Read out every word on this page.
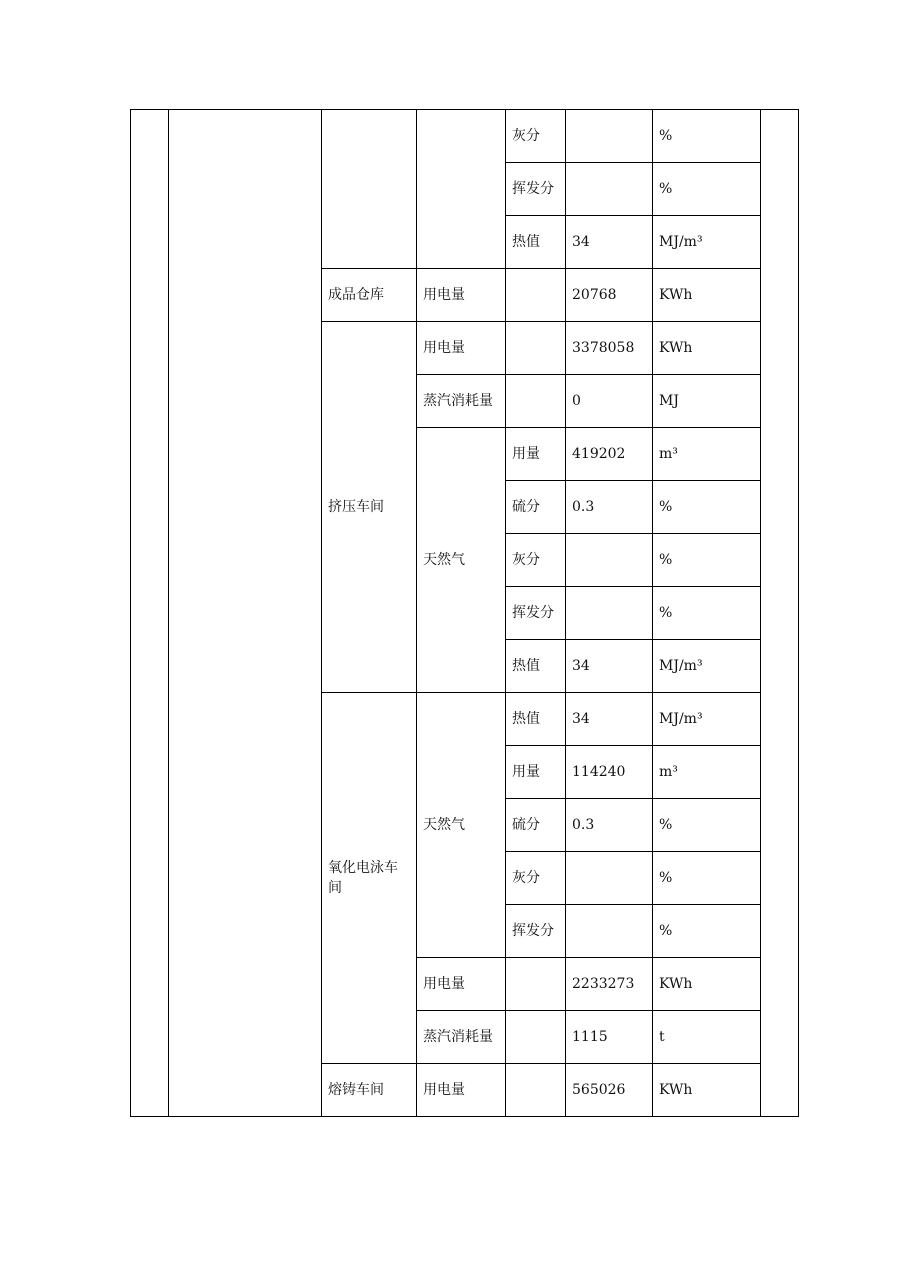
				灰分		%	
				挥发分		%	
				热值	34	MJ/m³	
		成品仓库	用电量		20768	KWh	
		挤压车间	用电量		3378058	KWh	
			蒸汽消耗量		0	MJ	
			天然气	用量	419202	m³	
				硫分	0.3	%	
				灰分		%	
				挥发分		%	
				热值	34	MJ/m³	
		氧化电泳车间	天然气	热值	34	MJ/m³	
				用量	114240	m³	
				硫分	0.3	%	
				灰分		%	
				挥发分		%	
			用电量		2233273	KWh	
			蒸汽消耗量		1115	t	
		熔铸车间	用电量		565026	KWh	
